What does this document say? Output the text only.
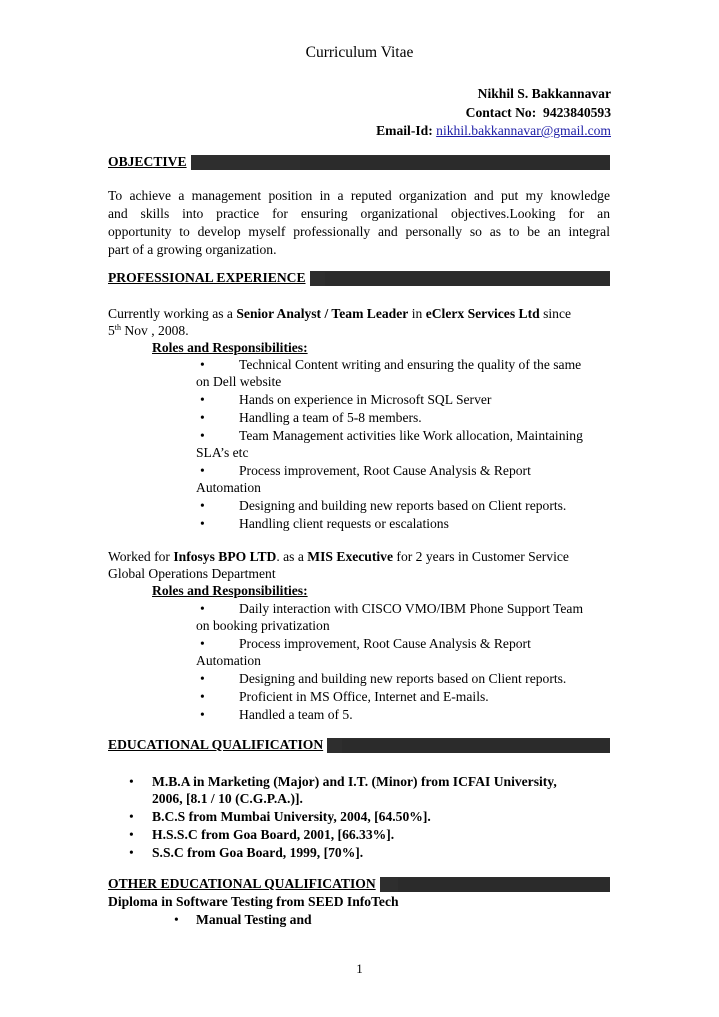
Curriculum Vitae
Nikhil S. Bakkannavar
Contact No: 9423840593
Email-Id: nikhil.bakkannavar@gmail.com
OBJECTIVE
To achieve a management position in a reputed organization and put my knowledge
and skills into practice for ensuring organizational objectives.Looking for an
opportunity to develop myself professionally and personally so as to be an integral
part of a growing organization.
PROFESSIONAL EXPERIENCE
Currently working as a Senior Analyst / Team Leader in eClerx Services Ltd since
5th Nov , 2008.
Roles and Responsibilities:
•	Technical Content writing and ensuring the quality of the same
on Dell website
•	Hands on experience in Microsoft SQL Server
•	Handling a team of 5-8 members.
•	Team Management activities like Work allocation, Maintaining
SLA’s etc
•	Process improvement, Root Cause Analysis & Report
Automation
•	Designing and building new reports based on Client reports.
•	Handling client requests or escalations
Worked for Infosys BPO LTD. as a MIS Executive for 2 years in Customer Service
Global Operations Department
Roles and Responsibilities:
•	Daily interaction with CISCO VMO/IBM Phone Support Team
on booking privatization
•	Process improvement, Root Cause Analysis & Report
Automation
•	Designing and building new reports based on Client reports.
•	Proficient in MS Office, Internet and E-mails.
•	Handled a team of 5.
EDUCATIONAL QUALIFICATION
• M.B.A in Marketing (Major) and I.T. (Minor) from ICFAI University,
2006, [8.1 / 10 (C.G.P.A.)].
• B.C.S from Mumbai University, 2004, [64.50%].
• H.S.S.C from Goa Board, 2001, [66.33%].
• S.S.C from Goa Board, 1999, [70%].
OTHER EDUCATIONAL QUALIFICATION
Diploma in Software Testing from SEED InfoTech
• Manual Testing and
1
